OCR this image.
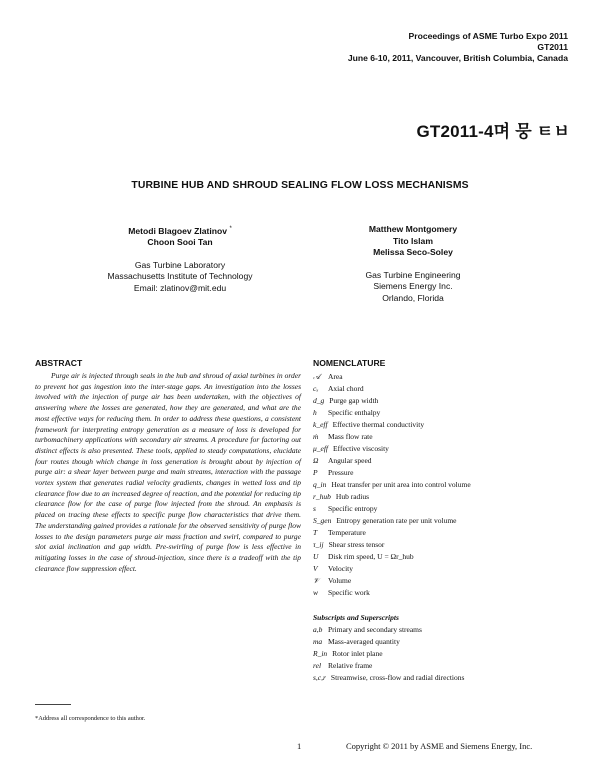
Proceedings of ASME Turbo Expo 2011
GT2011
June 6-10, 2011, Vancouver, British Columbia, Canada
GT2011-4며 뭉 ㅌㅂ
TURBINE HUB AND SHROUD SEALING FLOW LOSS MECHANISMS
Metodi Blagoev Zlatinov *
Choon Sooi Tan
Gas Turbine Laboratory
Massachusetts Institute of Technology
Email: zlatinov@mit.edu
Matthew Montgomery
Tito Islam
Melissa Seco-Soley
Gas Turbine Engineering
Siemens Energy Inc.
Orlando, Florida
ABSTRACT

Purge air is injected through seals in the hub and shroud of axial turbines in order to prevent hot gas ingestion into the inter-stage gaps. An investigation into the losses involved with the injection of purge air has been undertaken, with the objectives of answering where the losses are generated, how they are generated, and what are the most effective ways for reducing them. In order to address these questions, a consistent framework for interpreting entropy generation as a measure of loss is developed for turbomachinery applications with secondary air streams. A procedure for factoring out distinct effects is also presented. These tools, applied to steady computations, elucidate four routes though which change in loss generation is brought about by injection of purge air: a shear layer between purge and main streams, interaction with the passage vortex system that generates radial velocity gradients, changes in wetted loss and tip clearance flow due to an increased degree of reaction, and the potential for reducing tip clearance flow for the case of purge flow injected from the shroud. An emphasis is placed on tracing these effects to specific purge flow characteristics that drive them. The understanding gained provides a rationale for the observed sensitivity of purge flow losses to the design parameters purge air mass fraction and swirl, compared to purge slot axial inclination and gap width. Pre-swirling of purge flow is less effective in mitigating losses in the case of shroud-injection, since there is a tradeoff with the tip clearance flow suppression effect.

*Address all correspondence to this author.
NOMENCLATURE
𝒜 Area
cₓ Axial chord
d_g Purge gap width
h Specific enthalpy
k_eff Effective thermal conductivity
ṁ Mass flow rate
μ_eff Effective viscosity
Ω Angular speed
P Pressure
q_in Heat transfer per unit area into control volume
r_hub Hub radius
s Specific entropy
S_gen Entropy generation rate per unit volume
T Temperature
τ_ij Shear stress tensor
U Disk rim speed, U = Ωr_hub
V Velocity
𝒱 Volume
w Specific work
Subscripts and Superscripts
a,b Primary and secondary streams
ma Mass-averaged quantity
R_in Rotor inlet plane
rel Relative frame
s,c,r Streamwise, cross-flow and radial directions
1	Copyright © 2011 by ASME and Siemens Energy, Inc.
